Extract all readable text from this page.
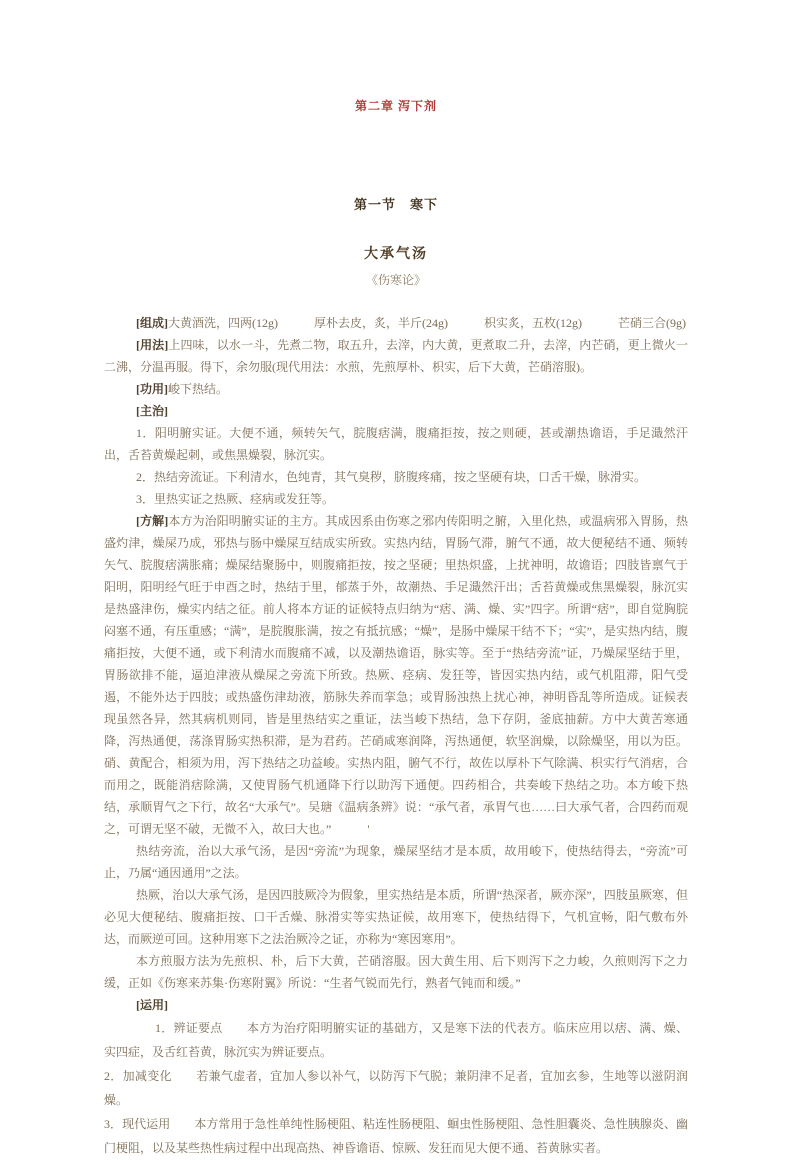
第二章 泻下剂

第一节　寒下

大承气汤

《伤寒论》

[组成]大黄酒洗，四两(12g)	厚朴去皮，炙，半斤(24g)	枳实炙，五枚(12g)	芒硝三合(9g)

[用法]上四味，以水一斗，先煮二物，取五升，去滓，内大黄，更煮取二升，去滓，内芒硝，更上微火一二沸，分温再服。得下，余勿服(现代用法：水煎，先煎厚朴、枳实，后下大黄，芒硝溶服)。

[功用]峻下热结。

[主治]

1．阳明腑实证。大便不通，频转矢气，脘腹痞满，腹痛拒按，按之则硬，甚或潮热谵语，手足濈然汗出，舌苔黄燥起刺，或焦黑燥裂，脉沉实。

2．热结旁流证。下利清水，色纯青，其气臭秽，脐腹疼痛，按之坚硬有块，口舌干燥，脉滑实。

3．里热实证之热厥、痉病或发狂等。

[方解]本方为治阳明腑实证的主方。其成因系由伤寒之邪内传阳明之腑，入里化热，或温病邪入胃肠，热盛灼津，燥屎乃成，邪热与肠中燥屎互结成实所致。实热内结，胃肠气滞，腑气不通，故大便秘结不通、频转矢气、脘腹痞满胀痛；燥屎结聚肠中，则腹痛拒按，按之坚硬；里热炽盛，上扰神明，故谵语；四肢皆禀气于阳明，阳明经气旺于申酉之时，热结于里，郁蒸于外，故潮热、手足濈然汗出；舌苔黄燥或焦黑燥裂，脉沉实是热盛津伤，燥实内结之征。前人将本方证的证候特点归纳为“痞、满、燥、实”四字。所谓“痞”，即自觉胸脘闷塞不通，有压重感；“满”，是脘腹胀满，按之有抵抗感；“燥”，是肠中燥屎干结不下；“实”，是实热内结，腹痛拒按，大便不通，或下利清水而腹痛不减，以及潮热谵语，脉实等。至于“热结旁流”证，乃燥屎坚结于里，胃肠欲排不能，逼迫津液从燥屎之旁流下所致。热厥、痉病、发狂等，皆因实热内结，或气机阻滞，阳气受遏，不能外达于四肢；或热盛伤津劫液，筋脉失养而挛急；或胃肠浊热上扰心神，神明昏乱等所造成。证候表现虽然各异，然其病机则同，皆是里热结实之重证，法当峻下热结，急下存阴，釜底抽薪。方中大黄苦寒通降，泻热通便，荡涤胃肠实热积滞，是为君药。芒硝咸寒润降，泻热通便，软坚润燥，以除燥坚，用以为臣。硝、黄配合，相须为用，泻下热结之功益峻。实热内阻，腑气不行，故佐以厚朴下气除满、枳实行气消痞，合而用之，既能消痞除满，又使胃肠气机通降下行以助泻下通便。四药相合，共奏峻下热结之功。本方峻下热结，承顺胃气之下行，故名“大承气”。吴瑭《温病条辨》说：“承气者，承胃气也……曰大承气者，合四药而观之，可谓无坚不破，无微不入，故曰大也。”　　　'

热结旁流，治以大承气汤，是因“旁流”为现象，燥屎坚结才是本质，故用峻下，使热结得去，“旁流”可止，乃属“通因通用”之法。

热厥，治以大承气汤，是因四肢厥冷为假象，里实热结是本质，所谓“热深者，厥亦深”，四肢虽厥寒，但必见大便秘结、腹痛拒按、口干舌燥、脉滑实等实热证候，故用寒下，使热结得下，气机宣畅，阳气敷布外达，而厥逆可回。这种用寒下之法治厥冷之证，亦称为“寒因寒用”。

本方煎服方法为先煎枳、朴，后下大黄，芒硝溶服。因大黄生用、后下则泻下之力峻，久煎则泻下之力缓，正如《伤寒来苏集·伤寒附翼》所说：“生者气锐而先行，熟者气钝而和缓。”

[运用]

1．辨证要点　　本方为治疗阳明腑实证的基础方，又是寒下法的代表方。临床应用以痞、满、燥、实四症，及舌红苔黄，脉沉实为辨证要点。

2．加减变化　　若兼气虚者，宜加人参以补气，以防泻下气脱；兼阴津不足者，宜加玄参，生地等以滋阴润燥。

3．现代运用　　本方常用于急性单纯性肠梗阻、粘连性肠梗阻、蛔虫性肠梗阻、急性胆囊炎、急性胰腺炎、幽门梗阻，以及某些热性病过程中出现高热、神昏谵语、惊厥、发狂而见大便不通、苔黄脉实者。
